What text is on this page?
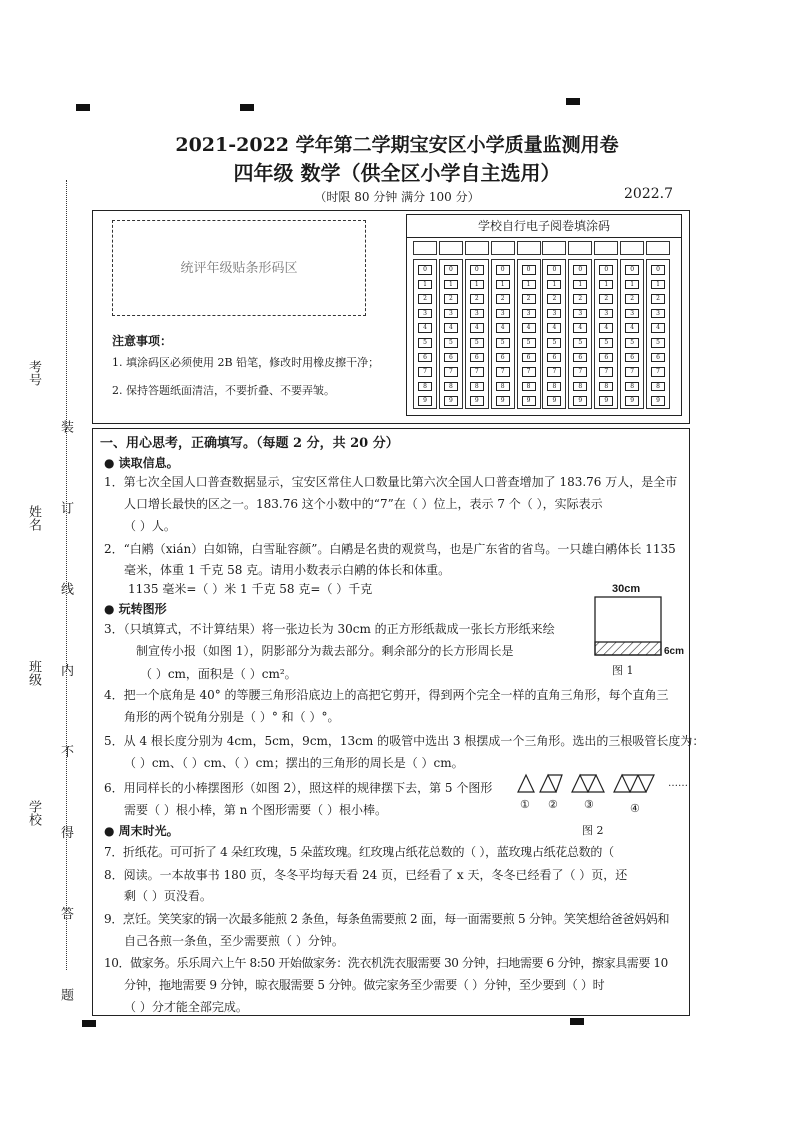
考号
姓名
班级
学校 装 订 线 内 不 得 答 题
2021-2022 学年第二学期宝安区小学质量监测用卷
四年级 数学（供全区小学自主选用）
（时限 80 分钟 满分 100 分）	2022.7
统评年级贴条形码区
注意事项：
1. 填涂码区必须使用 2B 铅笔，修改时用橡皮擦干净；
2. 保持答题纸面清洁，不要折叠、不要弄皱。
学校自行电子阅卷填涂码
0
1
2
3
4
5
6
7
8
9
0
1
2
3
4
5
6
7
8
9
0
1
2
3
4
5
6
7
8
9
0
1
2
3
4
5
6
7
8
9
0
1
2
3
4
5
6
7
8
9
0
1
2
3
4
5
6
7
8
9
0
1
2
3
4
5
6
7
8
9
0
1
2
3
4
5
6
7
8
9
0
1
2
3
4
5
6
7
8
9
0
1
2
3
4
5
6
7
8
9
一、用心思考，正确填写。（每题 2 分，共 20 分）
● 读取信息。
1．第七次全国人口普查数据显示，宝安区常住人口数量比第六次全国人口普查增加了 183.76 万人，是全市
人口增长最快的区之一。183.76 这个小数中的“7”在（ ）位上，表示 7 个（ ），实际表示
（ ）人。
2．“白鹇（xián）白如锦，白雪耻容颜”。白鹇是名贵的观赏鸟，也是广东省的省鸟。一只雄白鹇体长 1135
毫米，体重 1 千克 58 克。请用小数表示白鹇的体长和体重。
1135 毫米=（ ）米 1 千克 58 克=（ ）千克
● 玩转图形
3．（只填算式，不计算结果）将一张边长为 30cm 的正方形纸裁成一张长方形纸来绘
制宣传小报（如图 1），阴影部分为裁去部分。剩余部分的长方形周长是
（ ）cm，面积是（ ）cm²。
30cm
6cm
图 1
4．把一个底角是 40° 的等腰三角形沿底边上的高把它剪开，得到两个完全一样的直角三角形，每个直角三
角形的两个锐角分别是（ ）° 和（ ）°。
5．从 4 根长度分别为 4cm，5cm，9cm，13cm 的吸管中选出 3 根摆成一个三角形。选出的三根吸管长度为：
（ ）cm、（ ）cm、（ ）cm；摆出的三角形的周长是（ ）cm。
6．用同样长的小棒摆图形（如图 2），照这样的规律摆下去，第 5 个图形
需要（ ）根小棒，第 n 个图形需要（ ）根小棒。
……
① ② ③	④
图 2
● 周末时光。
7．折纸花。可可折了 4 朵红玫瑰，5 朵蓝玫瑰。红玫瑰占纸花总数的（ ），蓝玫瑰占纸花总数的（
8．阅读。一本故事书 180 页，冬冬平均每天看 24 页，已经看了 x 天，冬冬已经看了（ ）页，还
剩（ ）页没看。
9．烹饪。笑笑家的锅一次最多能煎 2 条鱼，每条鱼需要煎 2 面，每一面需要煎 5 分钟。笑笑想给爸爸妈妈和
自己各煎一条鱼，至少需要煎（ ）分钟。
10．做家务。乐乐周六上午 8:50 开始做家务：洗衣机洗衣服需要 30 分钟，扫地需要 6 分钟，擦家具需要 10
分钟，拖地需要 9 分钟，晾衣服需要 5 分钟。做完家务至少需要（ ）分钟，至少要到（ ）时
（ ）分才能全部完成。
